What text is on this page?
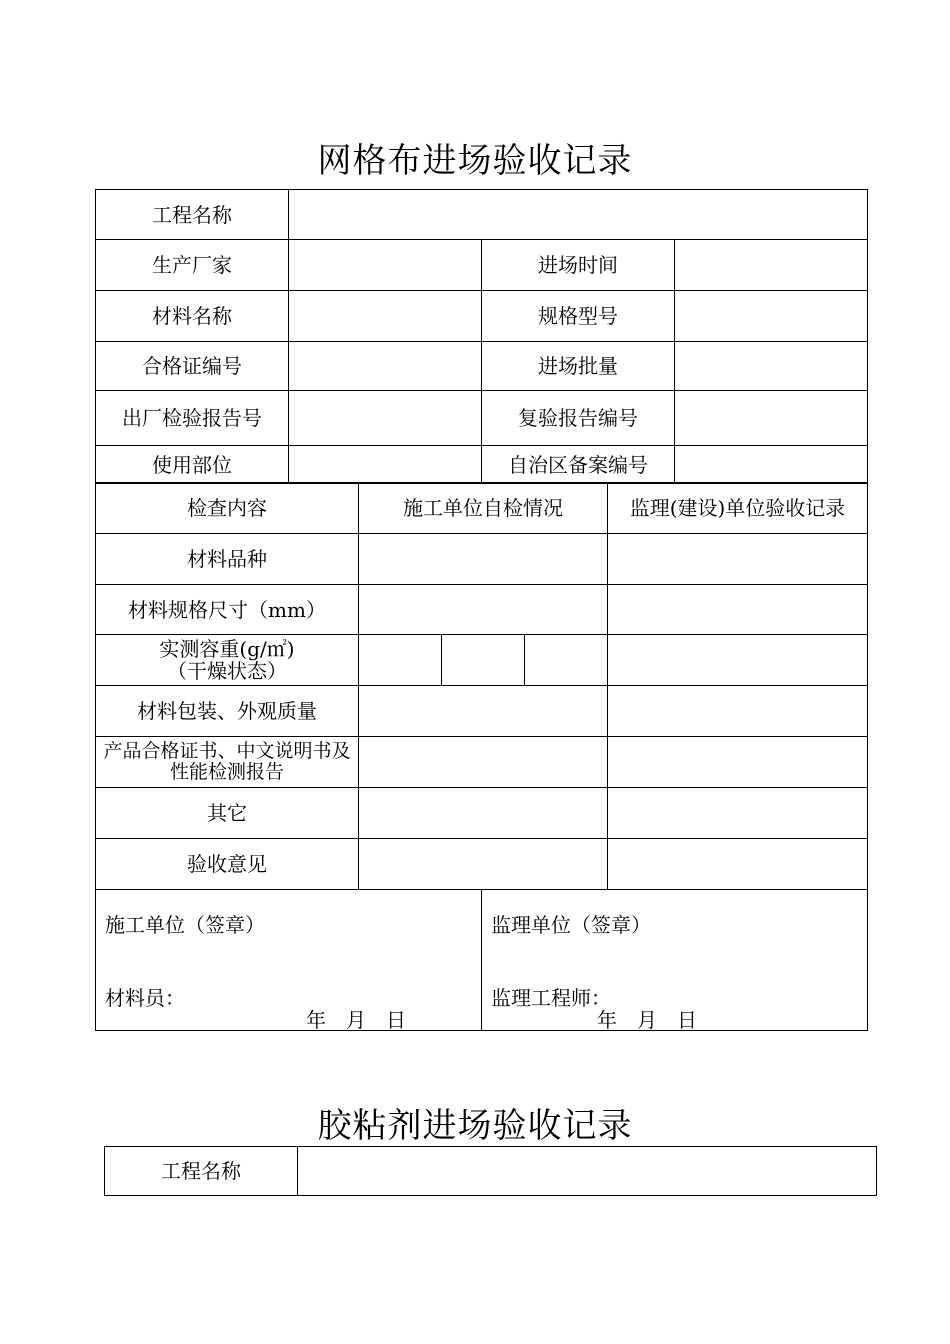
网格布进场验收记录
工程名称			
生产厂家		进场时间	
材料名称		规格型号	
合格证编号		进场批量	
出厂检验报告号		复验报告编号	
使用部位		自治区备案编号	
检查内容	施工单位自检情况			监理(建设)单位验收记录
材料品种				
材料规格尺寸（mm）				

实测容重(g/㎡)
（干燥状态）				

材料包装、外观质量				
产品合格证书、中文说明书及性能检测报告				
其它				
验收意见				
施工单位（签章）
材料员：
年　月　日

监理单位（签章）
监理工程师：
年　月　日
胶粘剂进场验收记录
工程名称	
